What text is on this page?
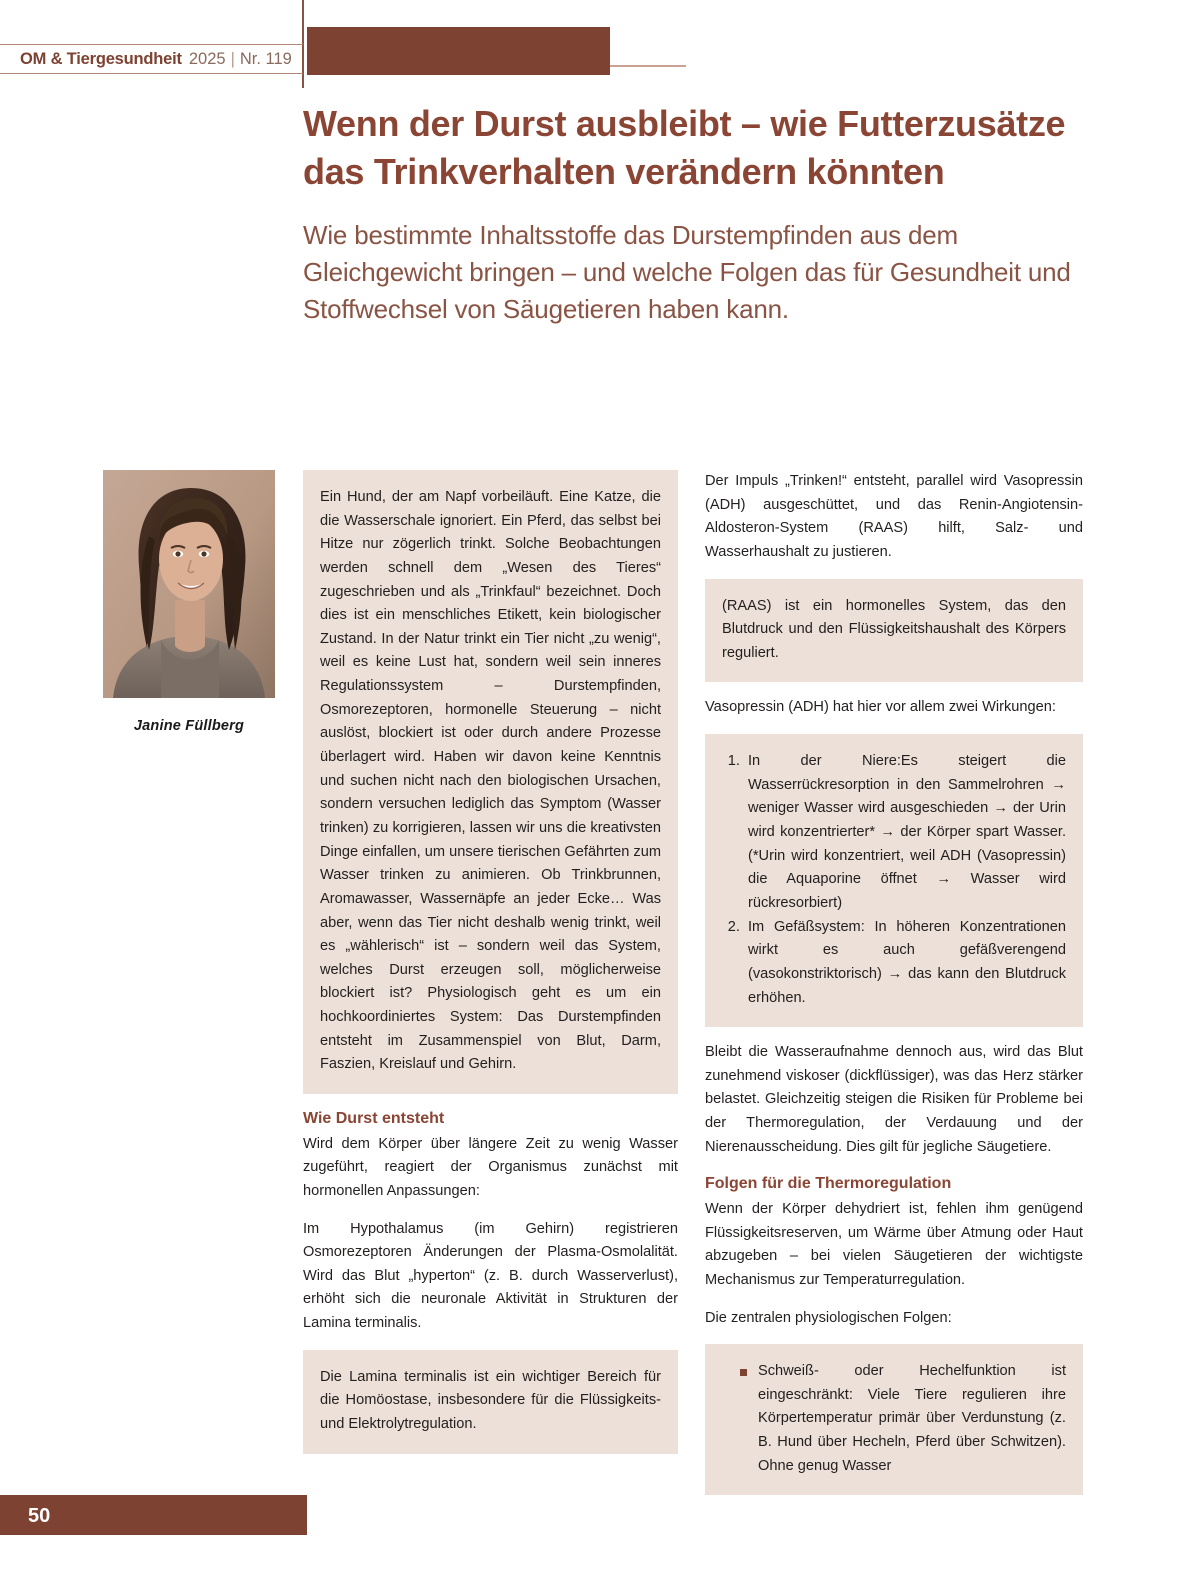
OM & Tiergesundheit 2025 | Nr. 119
Wenn der Durst ausbleibt – wie Futterzusätze das Trinkverhalten verändern könnten

Wie bestimmte Inhaltsstoffe das Durstempfinden aus dem Gleichgewicht bringen – und welche Folgen das für Gesundheit und Stoffwechsel von Säugetieren haben kann.

Janine Füllberg

Ein Hund, der am Napf vorbeiläuft. Eine Katze, die die Wasserschale ignoriert. Ein Pferd, das selbst bei Hitze nur zögerlich trinkt. Solche Beobachtungen werden schnell dem „Wesen des Tieres“ zugeschrieben und als „Trinkfaul“ bezeichnet. Doch dies ist ein menschliches Etikett, kein biologischer Zustand. In der Natur trinkt ein Tier nicht „zu wenig“, weil es keine Lust hat, sondern weil sein inneres Regulationssystem – Durstempfinden, Osmorezeptoren, hormonelle Steuerung – nicht auslöst, blockiert ist oder durch andere Prozesse überlagert wird. Haben wir davon keine Kenntnis und suchen nicht nach den biologischen Ursachen, sondern versuchen lediglich das Symptom (Wasser trinken) zu korrigieren, lassen wir uns die kreativsten Dinge einfallen, um unsere tierischen Gefährten zum Wasser trinken zu animieren. Ob Trinkbrunnen, Aromawasser, Wassernäpfe an jeder Ecke… Was aber, wenn das Tier nicht deshalb wenig trinkt, weil es „wählerisch“ ist – sondern weil das System, welches Durst erzeugen soll, möglicherweise blockiert ist? Physiologisch geht es um ein hochkoordiniertes System: Das Durstempfinden entsteht im Zusammenspiel von Blut, Darm, Faszien, Kreislauf und Gehirn.

Wie Durst entsteht

Wird dem Körper über längere Zeit zu wenig Wasser zugeführt, reagiert der Organismus zunächst mit hormonellen Anpassungen:

Im Hypothalamus (im Gehirn) registrieren Osmorezeptoren Änderungen der Plasma-Osmolalität. Wird das Blut „hyperton“ (z. B. durch Wasserverlust), erhöht sich die neuronale Aktivität in Strukturen der Lamina terminalis.

Die Lamina terminalis ist ein wichtiger Bereich für die Homöostase, insbesondere für die Flüssigkeits- und Elektrolytregulation.

Der Impuls „Trinken!“ entsteht, parallel wird Vasopressin (ADH) ausgeschüttet, und das Renin-Angiotensin-Aldosteron-System (RAAS) hilft, Salz- und Wasserhaushalt zu justieren.

(RAAS) ist ein hormonelles System, das den Blutdruck und den Flüssigkeitshaushalt des Körpers reguliert.

Vasopressin (ADH) hat hier vor allem zwei Wirkungen:

1. In der Niere:Es steigert die Wasserrückresorption in den Sammelrohren → weniger Wasser wird ausgeschieden → der Urin wird konzentrierter* → der Körper spart Wasser. (*Urin wird konzentriert, weil ADH (Vasopressin) die Aquaporine öffnet → Wasser wird rückresorbiert)
2. Im Gefäßsystem: In höheren Konzentrationen wirkt es auch gefäßverengend (vasokonstriktorisch) → das kann den Blutdruck erhöhen.

Bleibt die Wasseraufnahme dennoch aus, wird das Blut zunehmend viskoser (dickflüssiger), was das Herz stärker belastet. Gleichzeitig steigen die Risiken für Probleme bei der Thermoregulation, der Verdauung und der Nierenausscheidung. Dies gilt für jegliche Säugetiere.

Folgen für die Thermoregulation

Wenn der Körper dehydriert ist, fehlen ihm genügend Flüssigkeitsreserven, um Wärme über Atmung oder Haut abzugeben – bei vielen Säugetieren der wichtigste Mechanismus zur Temperaturregulation.

Die zentralen physiologischen Folgen:

Schweiß- oder Hechelfunktion ist eingeschränkt: Viele Tiere regulieren ihre Körpertemperatur primär über Verdunstung (z. B. Hund über Hecheln, Pferd über Schwitzen). Ohne genug Wasser
50
